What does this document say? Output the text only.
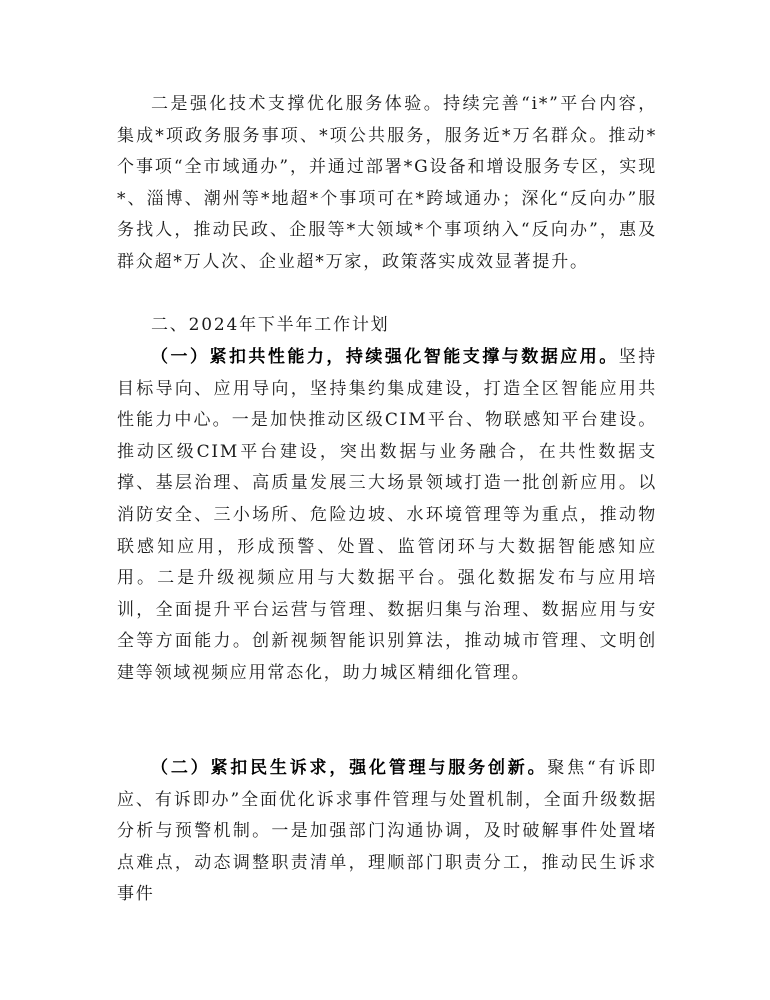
二是强化技术支撑优化服务体验。持续完善“i*”平台内容，集成*项政务服务事项、*项公共服务，服务近*万名群众。推动*个事项“全市域通办”，并通过部署*G设备和增设服务专区，实现*、淄博、潮州等*地超*个事项可在*跨域通办；深化“反向办”服务找人，推动民政、企服等*大领域*个事项纳入“反向办”，惠及群众超*万人次、企业超*万家，政策落实成效显著提升。

二、2024年下半年工作计划

（一）紧扣共性能力，持续强化智能支撑与数据应用。坚持目标导向、应用导向，坚持集约集成建设，打造全区智能应用共性能力中心。一是加快推动区级CIM平台、物联感知平台建设。推动区级CIM平台建设，突出数据与业务融合，在共性数据支撑、基层治理、高质量发展三大场景领域打造一批创新应用。以消防安全、三小场所、危险边坡、水环境管理等为重点，推动物联感知应用，形成预警、处置、监管闭环与大数据智能感知应用。二是升级视频应用与大数据平台。强化数据发布与应用培训，全面提升平台运营与管理、数据归集与治理、数据应用与安全等方面能力。创新视频智能识别算法，推动城市管理、文明创建等领域视频应用常态化，助力城区精细化管理。

（二）紧扣民生诉求，强化管理与服务创新。聚焦“有诉即应、有诉即办”全面优化诉求事件管理与处置机制，全面升级数据分析与预警机制。一是加强部门沟通协调，及时破解事件处置堵点难点，动态调整职责清单，理顺部门职责分工，推动民生诉求事件
